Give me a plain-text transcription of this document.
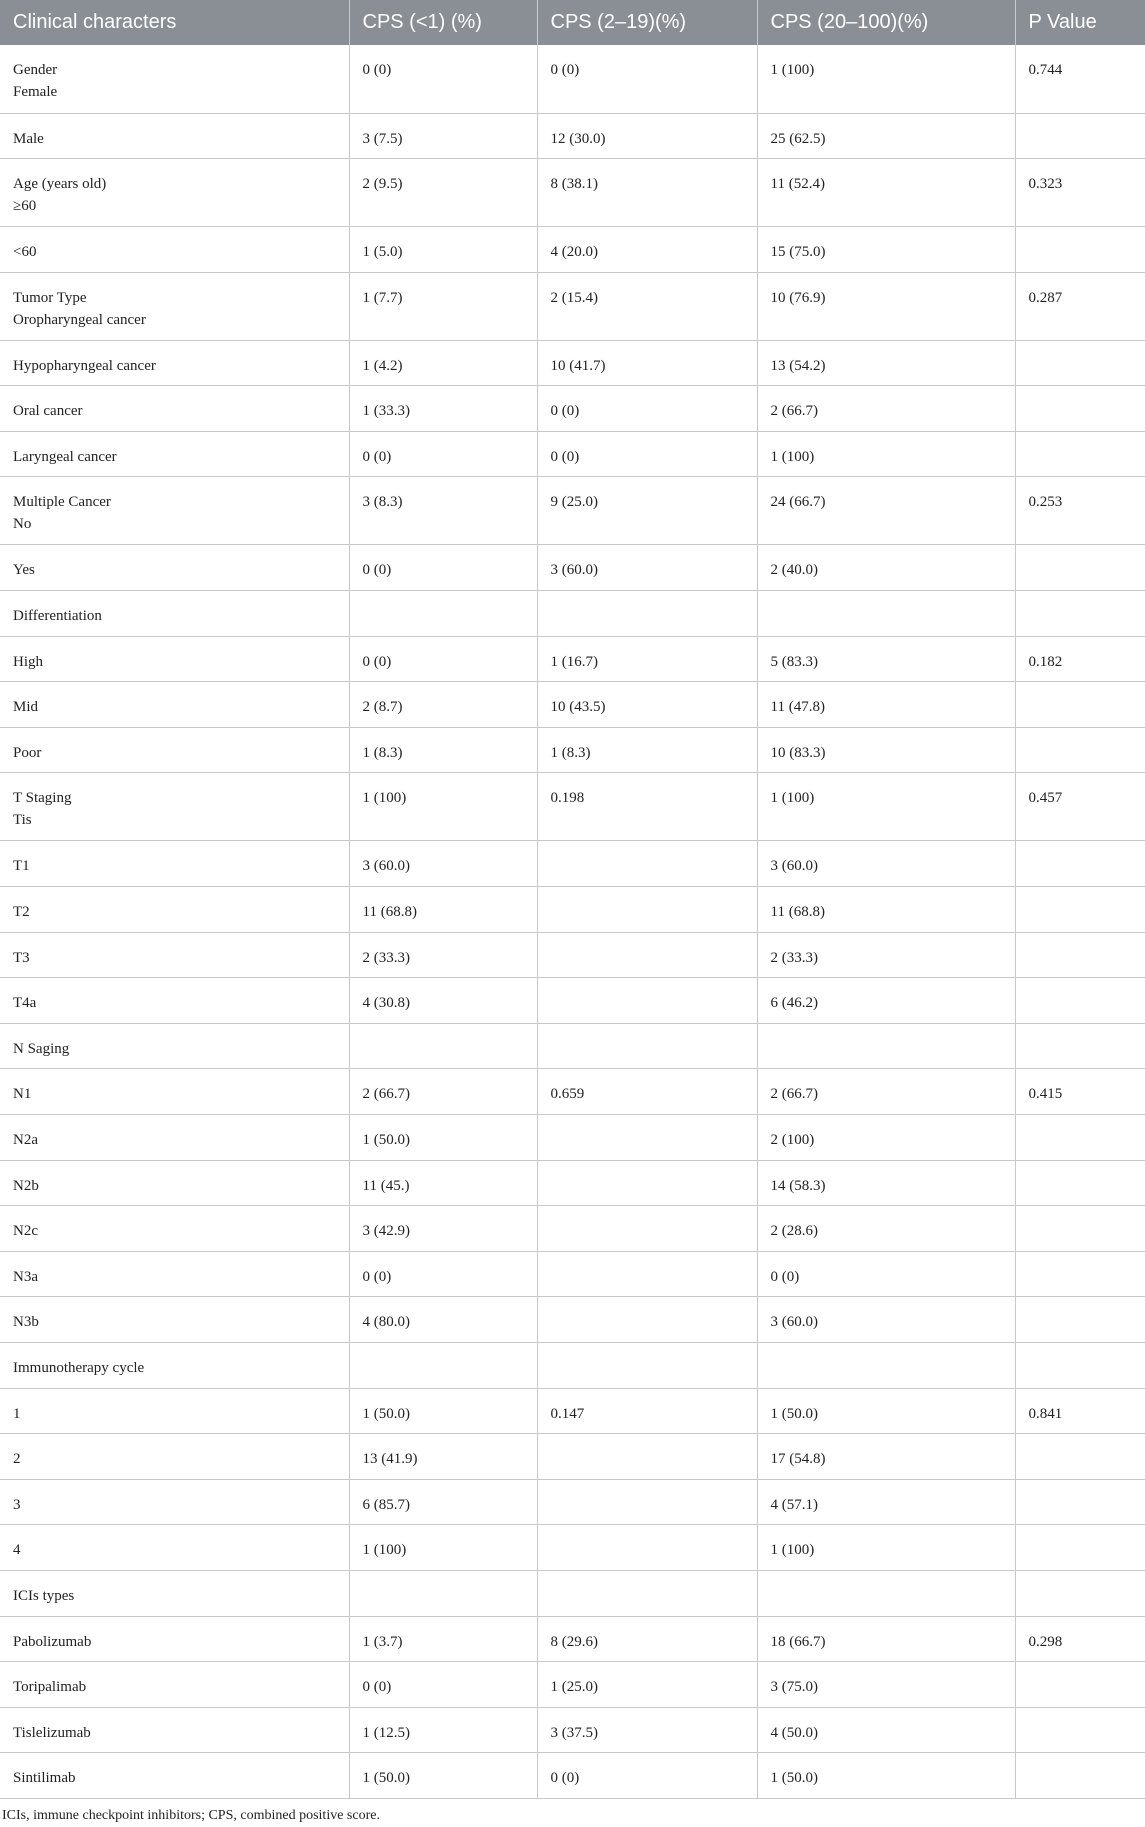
Clinical characters	CPS (<1) (%)	CPS (2–19)(%)	CPS (20–100)(%)	P Value

Gender
Female	0 (0)	0 (0)	1 (100)	0.744

Male	3 (7.5)	12 (30.0)	25 (62.5)	

Age (years old)
≥60	2 (9.5)	8 (38.1)	11 (52.4)	0.323

<60	1 (5.0)	4 (20.0)	15 (75.0)	

Tumor Type
Oropharyngeal cancer	1 (7.7)	2 (15.4)	10 (76.9)	0.287

Hypopharyngeal cancer	1 (4.2)	10 (41.7)	13 (54.2)	

Oral cancer	1 (33.3)	0 (0)	2 (66.7)	

Laryngeal cancer	0 (0)	0 (0)	1 (100)	

Multiple Cancer
No	3 (8.3)	9 (25.0)	24 (66.7)	0.253

Yes	0 (0)	3 (60.0)	2 (40.0)	

Differentiation				

High	0 (0)	1 (16.7)	5 (83.3)	0.182

Mid	2 (8.7)	10 (43.5)	11 (47.8)	

Poor	1 (8.3)	1 (8.3)	10 (83.3)	

T Staging
Tis	1 (100)	0.198	1 (100)	0.457

T1	3 (60.0)		3 (60.0)	

T2	11 (68.8)		11 (68.8)	

T3	2 (33.3)		2 (33.3)	

T4a	4 (30.8)		6 (46.2)	

N Saging				

N1	2 (66.7)	0.659	2 (66.7)	0.415

N2a	1 (50.0)		2 (100)	

N2b	11 (45.)		14 (58.3)	

N2c	3 (42.9)		2 (28.6)	

N3a	0 (0)		0 (0)	

N3b	4 (80.0)		3 (60.0)	

Immunotherapy cycle				

1	1 (50.0)	0.147	1 (50.0)	0.841

2	13 (41.9)		17 (54.8)	

3	6 (85.7)		4 (57.1)	

4	1 (100)		1 (100)	

ICIs types				

Pabolizumab	1 (3.7)	8 (29.6)	18 (66.7)	0.298

Toripalimab	0 (0)	1 (25.0)	3 (75.0)	

Tislelizumab	1 (12.5)	3 (37.5)	4 (50.0)	

Sintilimab	1 (50.0)	0 (0)	1 (50.0)	
ICIs, immune checkpoint inhibitors; CPS, combined positive score.
